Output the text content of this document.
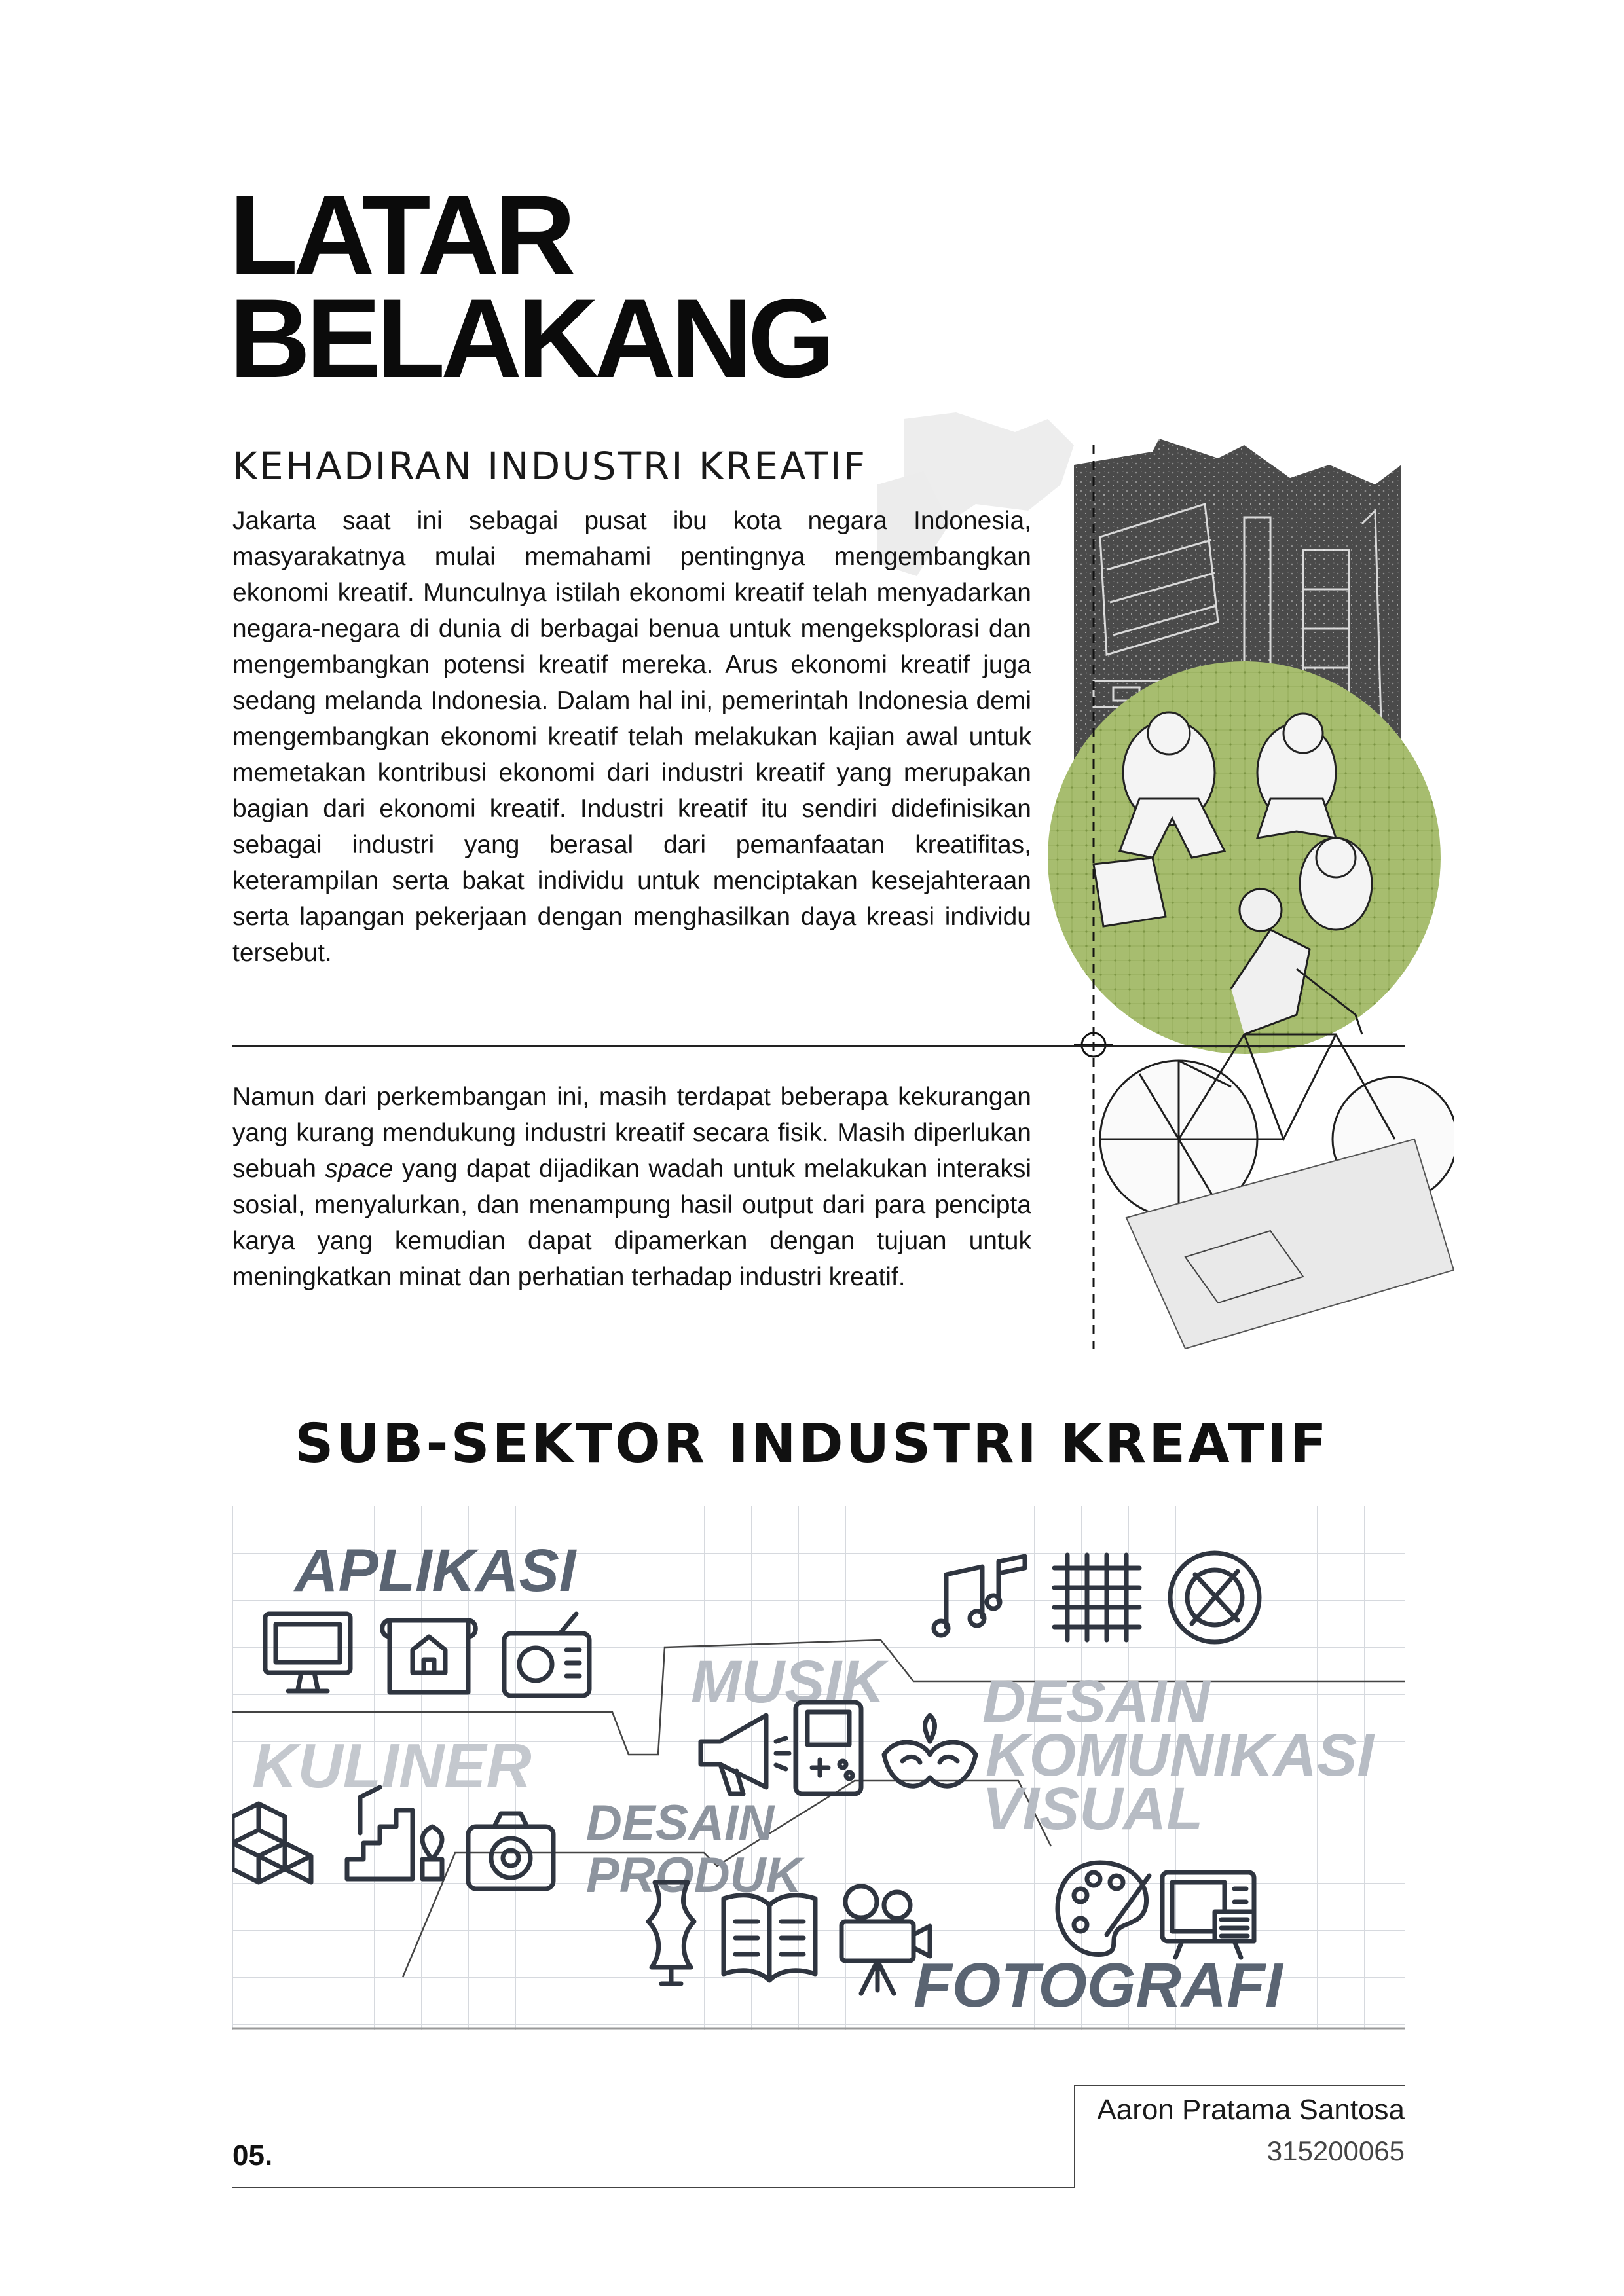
LATAR
BELAKANG
KEHADIRAN INDUSTRI KREATIF
Jakarta saat ini sebagai pusat ibu kota negara Indonesia, masyarakatnya mulai memahami pentingnya mengembangkan ekonomi kreatif. Munculnya istilah ekonomi kreatif telah menyadarkan negara-negara di dunia di berbagai benua untuk mengeksplorasi dan mengembangkan potensi kreatif mereka. Arus ekonomi kreatif juga sedang melanda Indonesia. Dalam hal ini, pemerintah Indonesia demi mengembangkan ekonomi kreatif telah melakukan kajian awal untuk memetakan kontribusi ekonomi dari industri kreatif yang merupakan bagian dari ekonomi kreatif. Industri kreatif itu sendiri didefinisikan sebagai industri yang berasal dari pemanfaatan kreatifitas, keterampilan serta bakat individu untuk menciptakan kesejahteraan serta lapangan pekerjaan dengan menghasilkan daya kreasi individu tersebut.
Namun dari perkembangan ini, masih terdapat beberapa kekurangan yang kurang mendukung industri kreatif secara fisik. Masih diperlukan sebuah space yang dapat dijadikan wadah untuk melakukan interaksi sosial, menyalurkan, dan menampung hasil output dari para pencipta karya yang kemudian dapat dipamerkan dengan tujuan untuk meningkatkan minat dan perhatian terhadap industri kreatif.
SUB-SEKTOR INDUSTRI KREATIF
APLIKASI
MUSIK DESAIN
KOMUNIKASI
VISUAL
KULINER
DESAIN
PRODUK
FOTOGRAFI
05.
Aaron Pratama Santosa
315200065
